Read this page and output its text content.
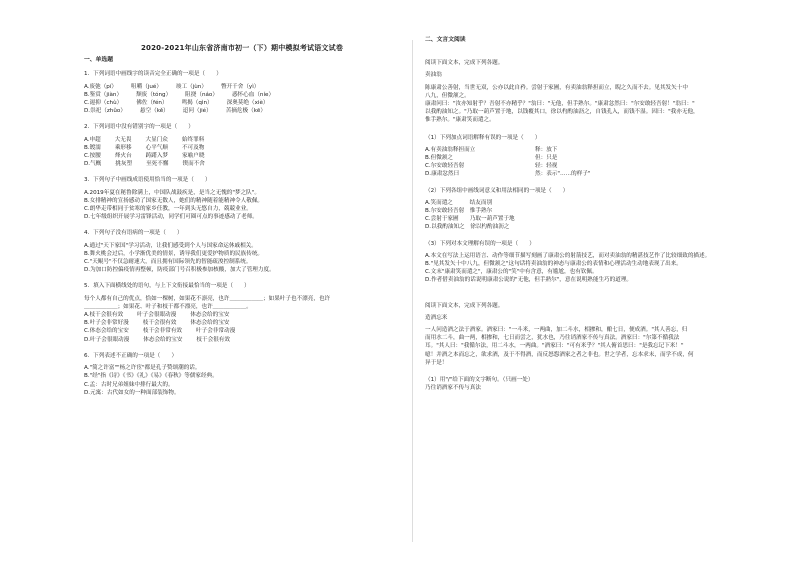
2020-2021年山东省济南市初一（下）期中模拟考试语文试卷
一、单选题
1．下列词语中画线字的读音完全正确的一项是（　　）
A.废弛（pí）	咀嚼（jué）	竣工（jùn）	瞥开千舍（yì）
B.鉴赏（jiàn）	颓废（tóng）	阻挠（náo）	惑怀心血（níe）
C.遏抑（chù）	佛佐（fén）	鸣揭（qìn）	深奥莫绝（xiè）
D.祟祀（zhǔo）	悬空（kě）	迢问（jié）	苦摘危极（kē）
2．下列词语中没有错别字的一项是（　　）
A.申超	大无畏	大显门众	始终罪料
B.镀濡	乘形移	心平气顺	不可及物
C.按腰	烽火台	踌躇入梦	家喻户晓
D.气概	挑灰塑	至死不懈	锲而不舍
3．下列句子中画线成语使用恰当的一项是（　　）
A.2019年夏在秘鲁除满上，中国队战鼓疾是，是当之无愧的"梦之队"。
B.女排精神的宣扬感动了国家无数人，她们的精神随着能精神令人敬佩。
C.朗华走带相同于贫寒的家乡任教，一年到头无悠自力，兢兢业业。
D.七年级组织开展学习雷锋活动，同学们可圈可点的事迹感动了老师。
4．下列句子没有语病的一项是（　　）
A.通过"天下家国"学习活动，让我们感受到个人与国家命运休戚相关。
B.舞火桃会过后，小学渐优美的情景，诱导我们更爱护物质的民族传统。
C."天鲲号"不仅急耐速大，而且拥有国际领先的智能疏浚控制系统。
D.为加口防控偏疫情再整顿，防疫部门号召积极参加核酸，加大了管理力度。
5．填入下面横线处的语句，与上下文衔接最恰当的一项是（　　）
每个人都有自己的优点，恰如一棵树，如果花不凛亮，也许＿＿＿＿＿＿；如果叶子也不漂亮，也许
＿＿＿＿＿＿；如果花、叶子和枝干都不漂亮，也许＿＿＿＿＿＿。
A.枝干会很有效	叶子会很眼动漫	体态会给的宝安
B.叶子会非常好漫	枝干会很有效	体态会给的宝安
C.体态会给的宝安	枝干会非常有效	叶子会非常动漫
D.叶子会很眼动漫	体态会给的宝安	枝干会很有效
6．下列表述不正确的一项是（　　）
A."简之许富""杨之许宦"都是孔子赞颂潮的话。
B."经"指《诗》《书》《礼》《易》《春秋》等儒家经典。
C.孟：古时兄弟姐妹中排行最大的。
D.元寓：古代如女的一种面部装饰物。
二、文言文阅读
阅读下面文本，完成下列各题。
卖油翁
陈康肃公善射，当世无双，公亦以此自矜。尝射于家圃，有卖油翁释担而立，睨之久而不去。见其发矢十中
八九，但微颔之。
康肃问曰："汝亦知射乎？吾射不亦精乎？"翁曰："无他，但手熟尔。"康肃忿然曰："尔安敢轻吾射！"翁曰："
以我酌油知之。"乃取一葫芦置于地，以钱覆其口，徐以杓酌油沥之，自钱孔入，而钱不湿。因曰："我亦无他，
惟手熟尔。"康肃笑而遣之。
（1）下列加点词语解释有误的一项是（　　）
A.有卖油翁释担而立	释：放下
B.但微颔之	但：只是
C.尔安敢轻吾射	轻：轻视
D.康肃忿然曰	然：表示"……的样子"
（2）下列各组中画线词意义和用法相同的一项是（　　）
A.笑而遣之　　　结友而别
B.尔安敢轻吾射　惟手熟尔
C.尝射于家圃　　乃取一葫芦置于地
D.以我酌油知之　徐以杓酌油沥之
（3）下列对本文理解有误的一项是（　　）
A.本文在写法上运用语言、动作等细节描写刻画了康肃公的射箭技艺，而对卖油翁的精湛技艺作了比较细致的描述。
B."见其发矢十中八九，但微颔之"这句话将卖油翁的神态与康肃公的表情和心理活动生动地表现了出来。
C.文末"康肃笑而遣之"，康肃公的"笑"中有含意，有尴尬，也有钦佩。
D.作者借卖油翁的话说明康肃公说的"无他，但手熟尔"，意在说明熟能生巧的道理。
阅读下面文本，完成下列各题。
造酒忘米
一人问造酒之法于酒家。酒家曰："一斗米，一两曲，加二斗水，相掺和，酿七日，便成酒。"其人善忘，归
而用水二斗，曲一两，相掺和，七日而尝之，犹水也，乃往诮酒家不传与真法。酒家曰："尔第不循我法
耳。"其人曰："我循尔法，用二斗水，一两曲。"酒家曰："可有米乎？"其人俯首思曰："是我忘记下米！"
噫！并酒之本而忘之，欲求酒，及于不得酒，而反怒怨酒家之者之非也。世之学者，忘本求末，而学不成，何
异于是！
（1）用"/"给下面的文字断句。（只画一处）
乃往诮酒家不传与真法
